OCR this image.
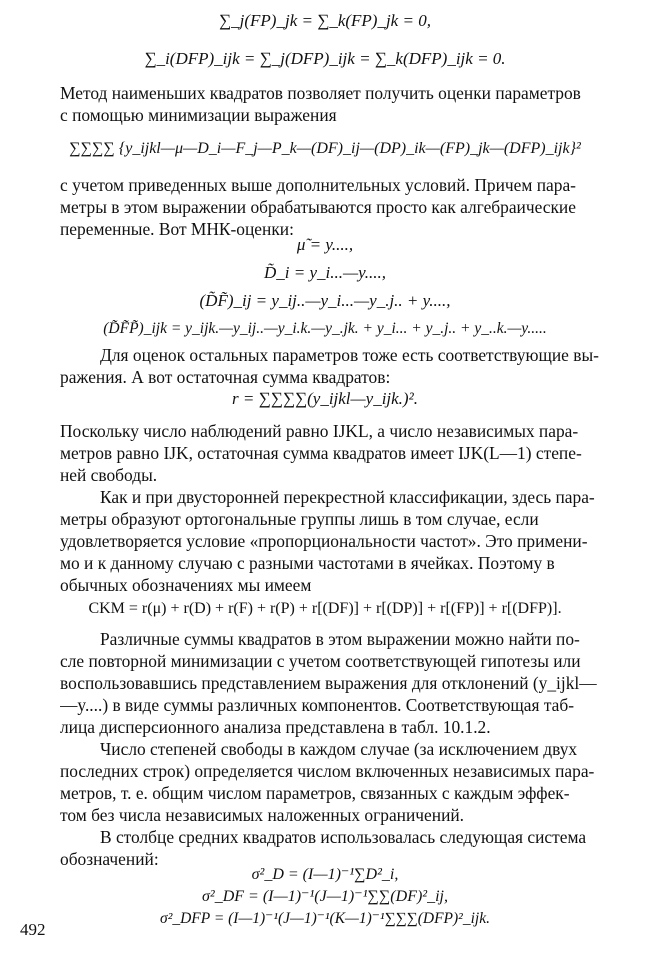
∑_j(FP)_jk = ∑_k(FP)_jk = 0,
∑_i(DFP)_ijk = ∑_j(DFP)_ijk = ∑_k(DFP)_ijk = 0.
Метод наименьших квадратов позволяет получить оценки параметров
с помощью минимизации выражения
∑∑∑∑ {y_ijkl—μ—D_i—F_j—P_k—(DF)_ij—(DP)_ik—(FP)_jk—(DFP)_ijk}²
с учетом приведенных выше дополнительных условий. Причем пара-
метры в этом выражении обрабатываются просто как алгебраические
переменные. Вот МНК-оценки:
μ̃ = y....,
D̃_i = y_i...—y....,
(D̃F̃)_ij = y_ij..—y_i...—y_.j.. + y....,
(D̃F̃P̃)_ijk = y_ijk.—y_ij..—y_i.k.—y_.jk. + y_i... + y_.j.. + y_..k.—y.....
Для оценок остальных параметров тоже есть соответствующие вы-
ражения. А вот остаточная сумма квадратов:
r = ∑∑∑∑(y_ijkl—y_ijk.)².
Поскольку число наблюдений равно IJKL, а число независимых пара-
метров равно IJK, остаточная сумма квадратов имеет IJK(L—1) степе-
ней свободы.
Как и при двусторонней перекрестной классификации, здесь пара-
метры образуют ортогональные группы лишь в том случае, если
удовлетворяется условие «пропорциональности частот». Это примени-
мо и к данному случаю с разными частотами в ячейках. Поэтому в
обычных обозначениях мы имеем
CKM = r(μ) + r(D) + r(F) + r(P) + r[(DF)] + r[(DP)] + r[(FP)] + r[(DFP)].
Различные суммы квадратов в этом выражении можно найти по-
сле повторной минимизации с учетом соответствующей гипотезы или
воспользовавшись представлением выражения для отклонений (y_ijkl—
—y....) в виде суммы различных компонентов. Соответствующая таб-
лица дисперсионного анализа представлена в табл. 10.1.2.
Число степеней свободы в каждом случае (за исключением двух
последних строк) определяется числом включенных независимых пара-
метров, т. е. общим числом параметров, связанных с каждым эффек-
том без числа независимых наложенных ограничений.
В столбце средних квадратов использовалась следующая система
обозначений:
σ²_D = (I—1)⁻¹∑D²_i,
σ²_DF = (I—1)⁻¹(J—1)⁻¹∑∑(DF)²_ij,
σ²_DFP = (I—1)⁻¹(J—1)⁻¹(K—1)⁻¹∑∑∑(DFP)²_ijk.
492
